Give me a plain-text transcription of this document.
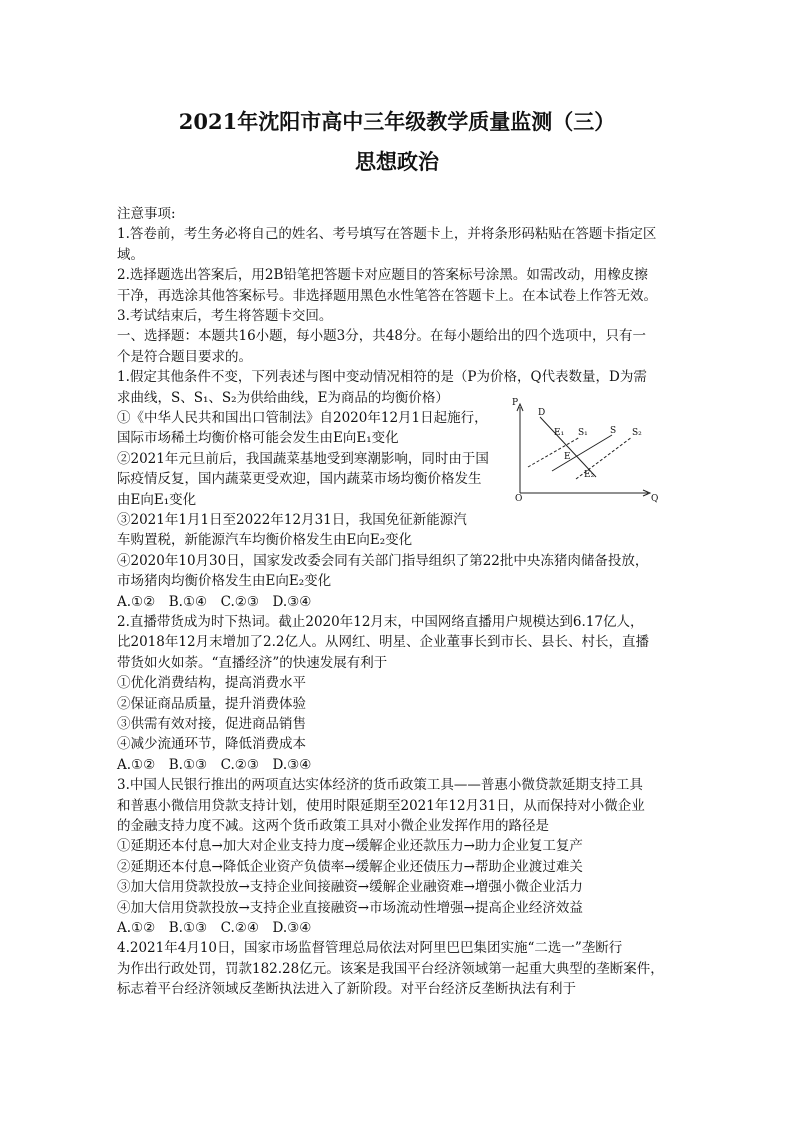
2021年沈阳市高中三年级教学质量监测（三）
思想政治
注意事项:
1.答卷前，考生务必将自己的姓名、考号填写在答题卡上，并将条形码粘贴在答题卡指定区
域。
2.选择题选出答案后，用2B铅笔把答题卡对应题目的答案标号涂黑。如需改动，用橡皮擦
干净，再选涂其他答案标号。非选择题用黑色水性笔答在答题卡上。在本试卷上作答无效。
3.考试结束后，考生将答题卡交回。
一、选择题：本题共16小题，每小题3分，共48分。在每小题给出的四个选项中，只有一
个是符合题目要求的。
1.假定其他条件不变，下列表述与图中变动情况相符的是（P为价格，Q代表数量，D为需
求曲线，S、S₁、S₂为供给曲线，E为商品的均衡价格）
①《中华人民共和国出口管制法》自2020年12月1日起施行，
国际市场稀土均衡价格可能会发生由E向E₁变化
②2021年元旦前后，我国蔬菜基地受到寒潮影响，同时由于国
际疫情反复，国内蔬菜更受欢迎，国内蔬菜市场均衡价格发生
由E向E₁变化
③2021年1月1日至2022年12月31日，我国免征新能源汽
车购置税，新能源汽车均衡价格发生由E向E₂变化
④2020年10月30日，国家发改委会同有关部门指导组织了第22批中央冻猪肉储备投放，
市场猪肉均衡价格发生由E向E₂变化
A.①②　B.①④　C.②③　D.③④
2.直播带货成为时下热词。截止2020年12月末，中国网络直播用户规模达到6.17亿人，
比2018年12月末增加了2.2亿人。从网红、明星、企业董事长到市长、县长、村长，直播
带货如火如荼。“直播经济”的快速发展有利于
①优化消费结构，提高消费水平
②保证商品质量，提升消费体验
③供需有效对接，促进商品销售
④减少流通环节，降低消费成本
A.①②　B.①③　C.②③　D.③④
3.中国人民银行推出的两项直达实体经济的货币政策工具——普惠小微贷款延期支持工具
和普惠小微信用贷款支持计划，使用时限延期至2021年12月31日，从而保持对小微企业
的金融支持力度不减。这两个货币政策工具对小微企业发挥作用的路径是
①延期还本付息→加大对企业支持力度→缓解企业还款压力→助力企业复工复产
②延期还本付息→降低企业资产负债率→缓解企业还债压力→帮助企业渡过难关
③加大信用贷款投放→支持企业间接融资→缓解企业融资难→增强小微企业活力
④加大信用贷款投放→支持企业直接融资→市场流动性增强→提高企业经济效益
A.①②　B.①③　C.②④　D.③④
4.2021年4月10日，国家市场监督管理总局依法对阿里巴巴集团实施“二选一”垄断行
为作出行政处罚，罚款182.28亿元。该案是我国平台经济领域第一起重大典型的垄断案件，
标志着平台经济领域反垄断执法进入了新阶段。对平台经济反垄断执法有利于
P
Q
O
D
S₁ S S₂
E₁
E
E₂
